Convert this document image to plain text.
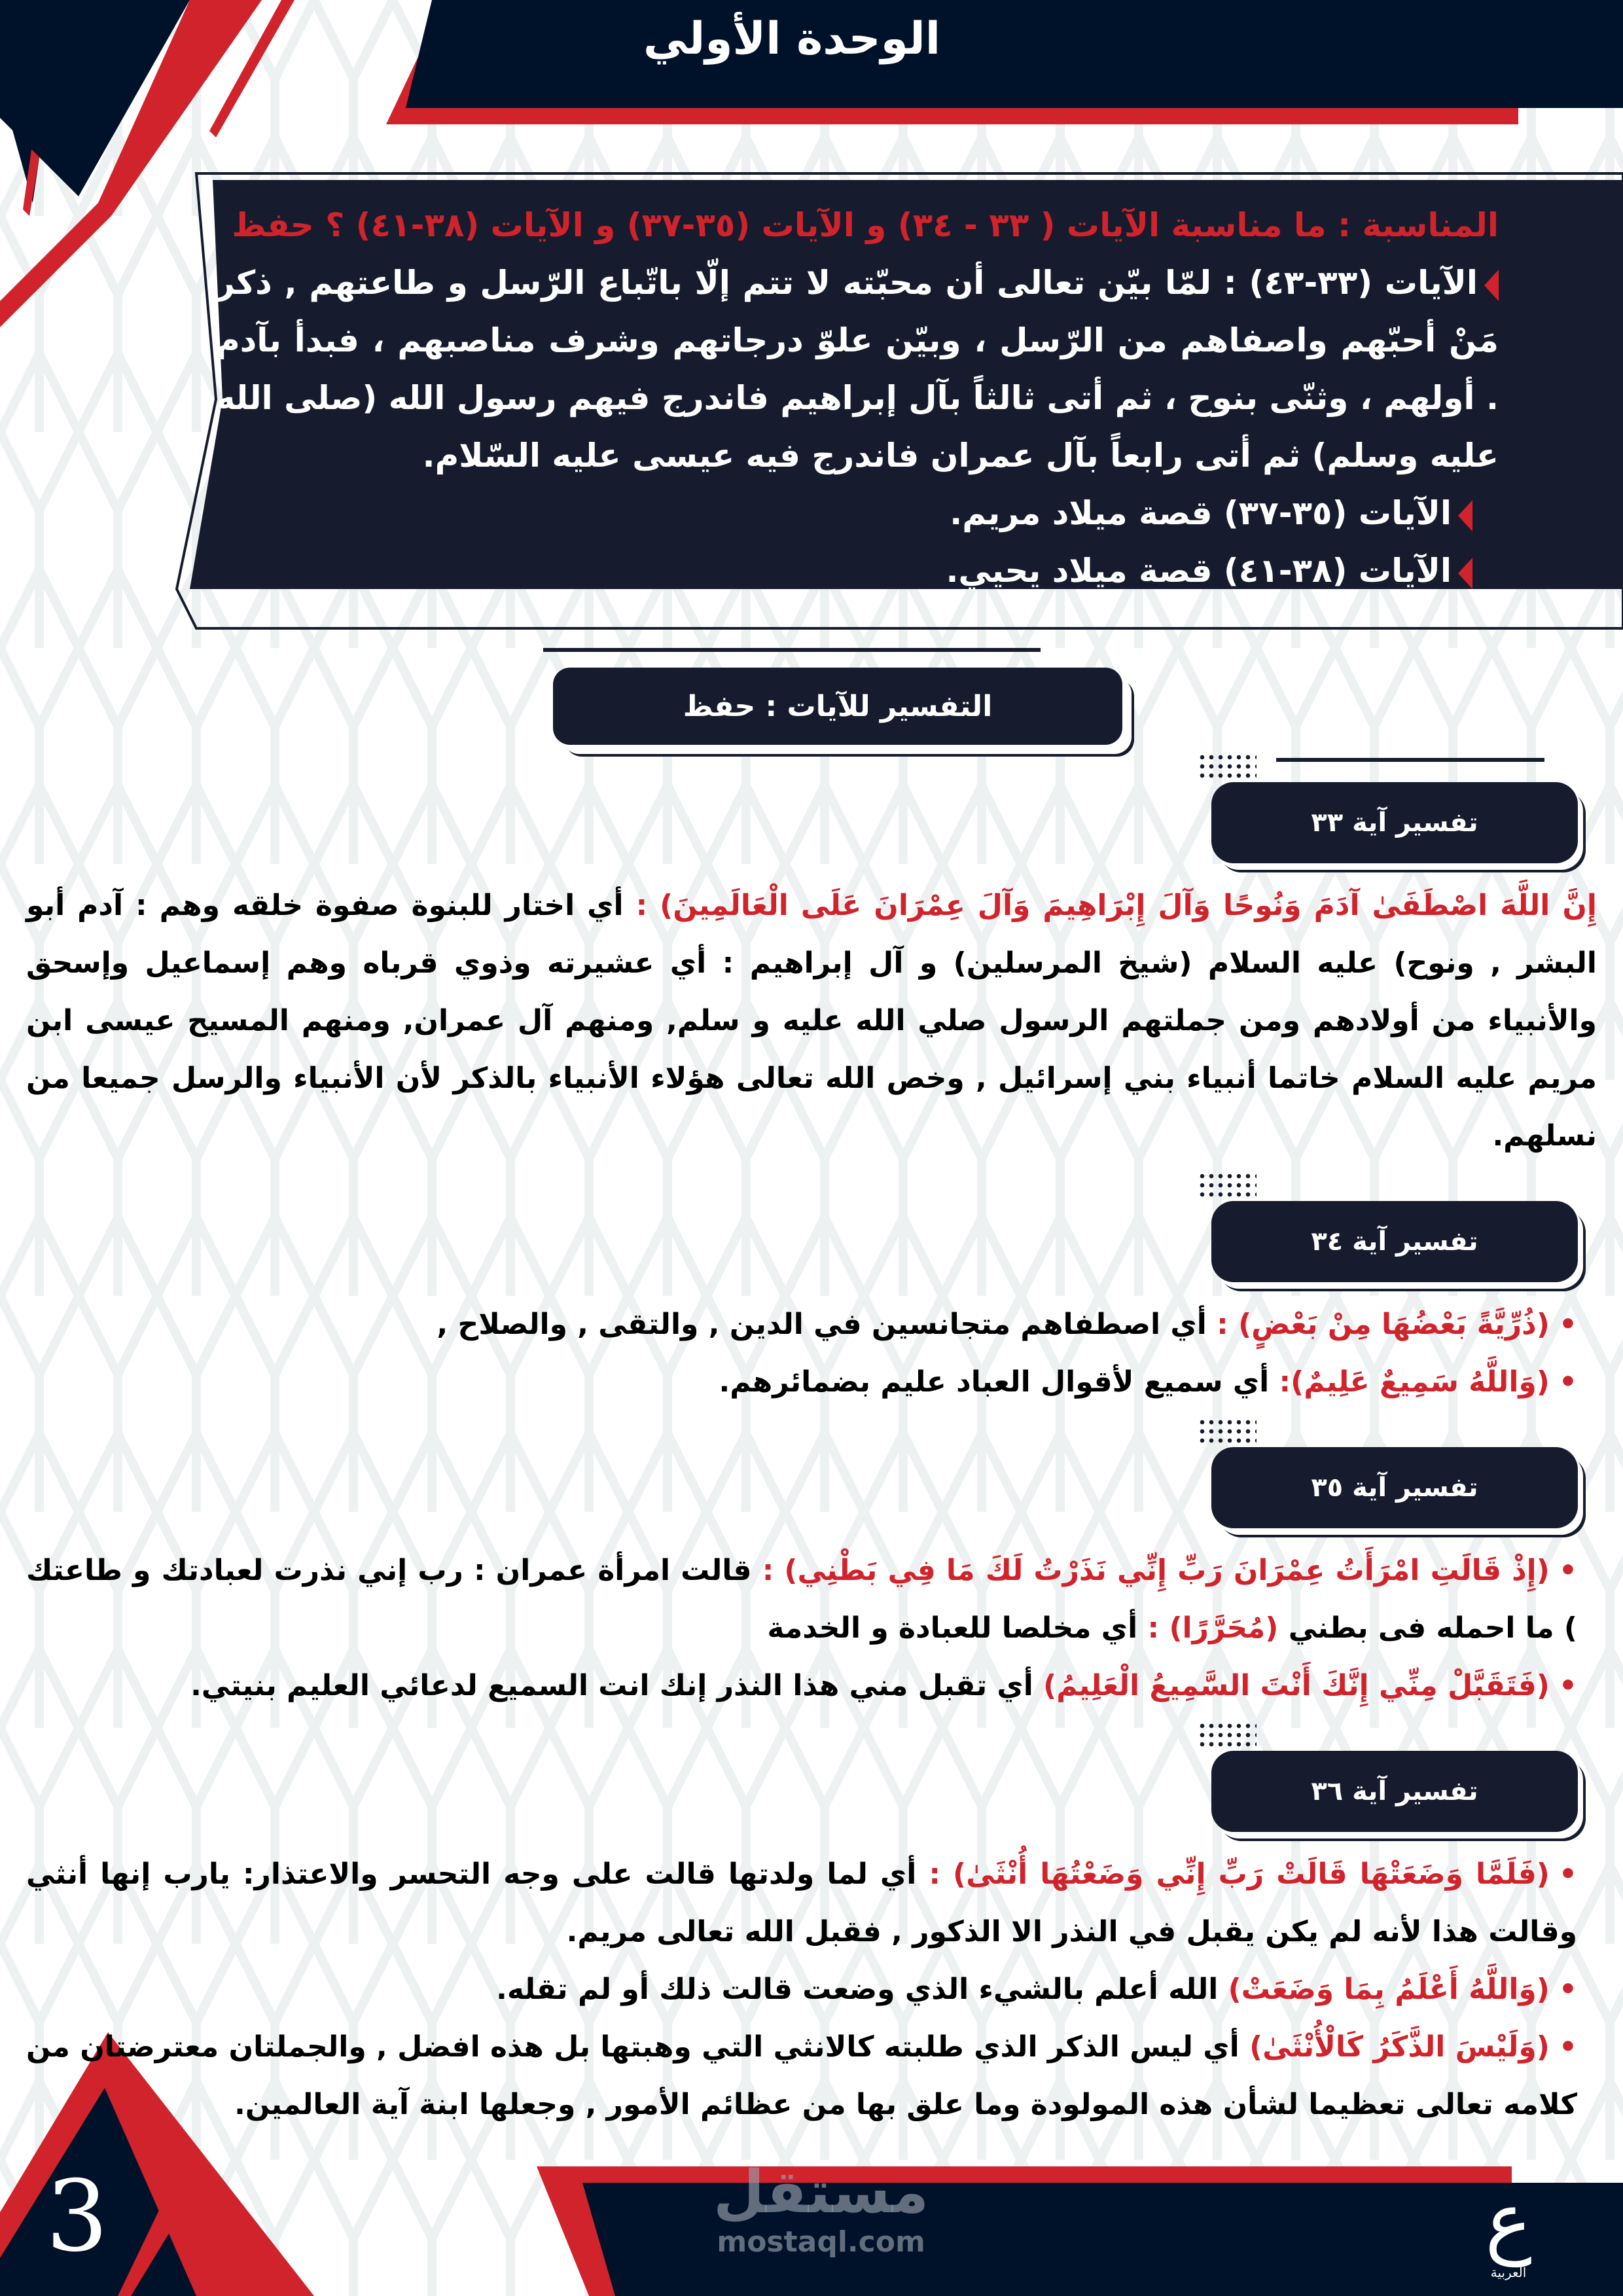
الوحدة الأولي

المناسبة : ما مناسبة الآيات ( ٣٣ - ٣٤) و الآيات (٣٥-٣٧) و الآيات (٣٨-٤١) ؟ حفظ

الآيات (٣٣-٤٣) : لمّا بيّن تعالى أن محبّته لا تتم إلّا باتّباع الرّسل و طاعتهم , ذكر مَنْ أحبّهم واصفاهم من الرّسل ، وبيّن علوّ درجاتهم وشرف مناصبهم ، فبدأ بآدم . أولهم ، وثنّى بنوح ، ثم أتى ثالثاً بآل إبراهيم فاندرج فيهم رسول الله (صلى الله عليه وسلم) ثم أتى رابعاً بآل عمران فاندرج فيه عيسى عليه السّلام.

الآيات (٣٥-٣٧) قصة ميلاد مريم.

الآيات (٣٨-٤١) قصة ميلاد يحيي.

التفسير للآيات : حفظ
تفسير آية ٣٣

إِنَّ اللَّهَ اصْطَفَىٰ آدَمَ وَنُوحًا وَآلَ إِبْرَاهِيمَ وَآلَ عِمْرَانَ عَلَى الْعَالَمِينَ) : أي اختار للبنوة صفوة خلقه وهم : آدم أبو البشر , ونوح) عليه السلام (شيخ المرسلين) و آل إبراهيم : أي عشيرته وذوي قرباه وهم إسماعيل وإسحق والأنبياء من أولادهم ومن جملتهم الرسول صلي الله عليه و سلم, ومنهم آل عمران, ومنهم المسيح عيسى ابن مريم عليه السلام خاتما أنبياء بني إسرائيل , وخص الله تعالى هؤلاء الأنبياء بالذكر لأن الأنبياء والرسل جميعا من نسلهم.

تفسير آية ٣٤

•(ذُرِّيَّةً بَعْضُهَا مِنْ بَعْضٍ) : أي اصطفاهم متجانسين في الدين , والتقى , والصلاح ,

•(وَاللَّهُ سَمِيعٌ عَلِيمٌ): أي سميع لأقوال العباد عليم بضمائرهم.

تفسير آية ٣٥

•(إِذْ قَالَتِ امْرَأَتُ عِمْرَانَ رَبِّ إِنِّي نَذَرْتُ لَكَ مَا فِي بَطْنِي) : قالت امرأة عمران : رب إني نذرت لعبادتك و طاعتك ) ما احمله فى بطني (مُحَرَّرًا) : أي مخلصا للعبادة و الخدمة

•(فَتَقَبَّلْ مِنِّي إِنَّكَ أَنْتَ السَّمِيعُ الْعَلِيمُ) أي تقبل مني هذا النذر إنك انت السميع لدعائي العليم بنيتي.

تفسير آية ٣٦

•(فَلَمَّا وَضَعَتْهَا قَالَتْ رَبِّ إِنِّي وَضَعْتُهَا أُنْثَىٰ) : أي لما ولدتها قالت على وجه التحسر والاعتذار: يارب إنها أنثي وقالت هذا لأنه لم يكن يقبل في النذر الا الذكور , فقبل الله تعالى مريم.

•(وَاللَّهُ أَعْلَمُ بِمَا وَضَعَتْ) الله أعلم بالشيء الذي وضعت قالت ذلك أو لم تقله.

•(وَلَيْسَ الذَّكَرُ كَالْأُنْثَىٰ) أي ليس الذكر الذي طلبته كالانثي التي وهبتها بل هذه افضل , والجملتان معترضتان من كلامه تعالى تعظيما لشأن هذه المولودة وما علق بها من عظائم الأمور , وجعلها ابنة آية العالمين.

3	مستقل
mostaql.com	ع
العربية
